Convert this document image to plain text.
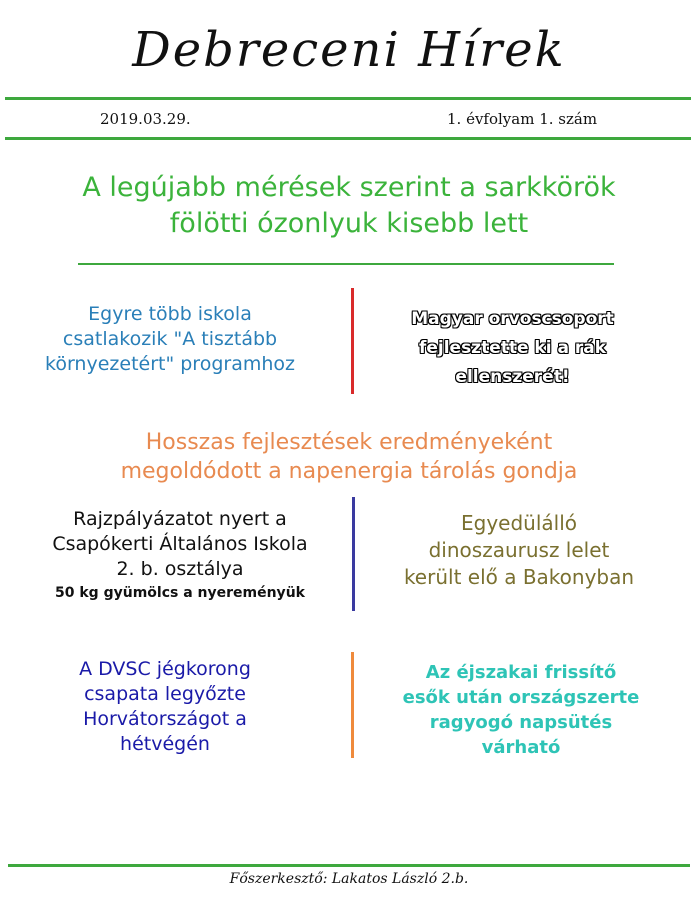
Debreceni Hírek
2019.03.29.	1. évfolyam 1. szám
A legújabb mérések szerint a sarkkörök
fölötti ózonlyuk kisebb lett
Egyre több iskola
csatlakozik "A tisztább
környezetért" programhoz
Magyar orvoscsoport
fejlesztette ki a rák
ellenszerét!
Hosszas fejlesztések eredményeként
megoldódott a napenergia tárolás gondja
Rajzpályázatot nyert a
Csapókerti Általános Iskola
2. b. osztálya
50 kg gyümölcs a nyereményük
Egyedülálló
dinoszaurusz lelet
került elő a Bakonyban
A DVSC jégkorong
csapata legyőzte
Horvátországot a
hétvégén
Az éjszakai frissítő
esők után országszerte
ragyogó napsütés
várható
Főszerkesztő: Lakatos László 2.b.
